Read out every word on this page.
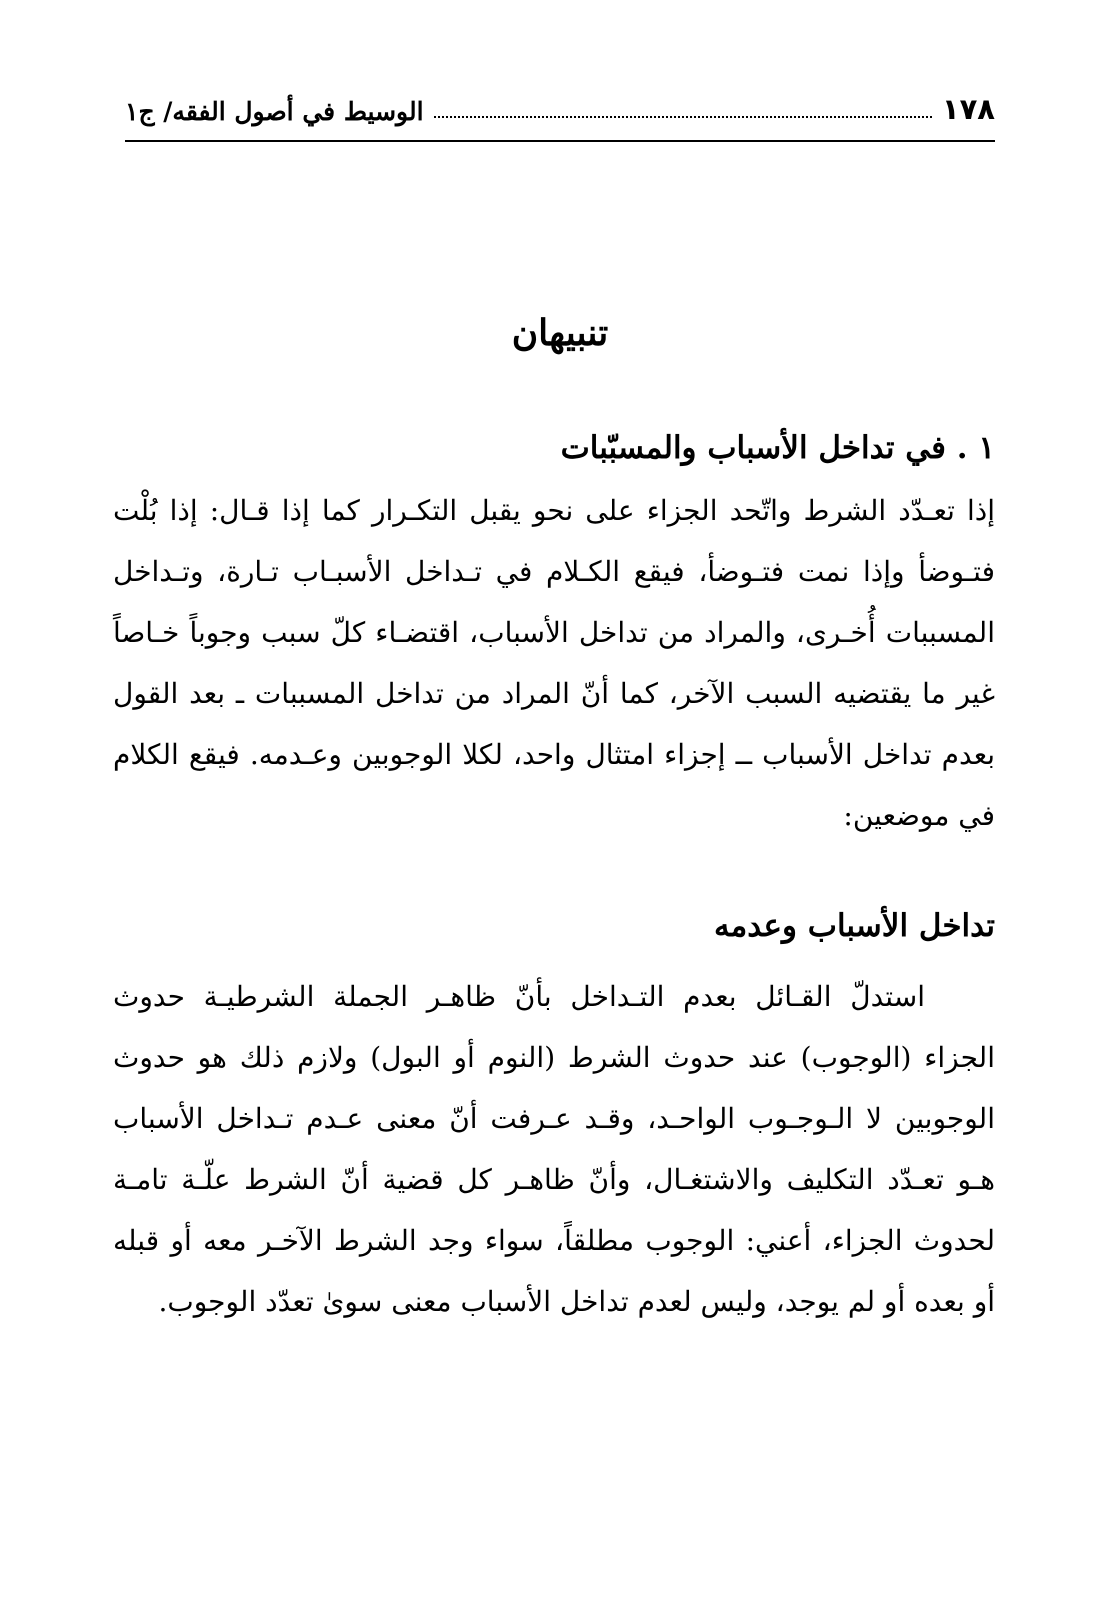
١٧٨
الوسيط في أصول الفقه/ ج١
تنبيهان
١ . في تداخل الأسباب والمسبّبات

إذا تعـدّد الشرط واتّحد الجزاء على نحو يقبل التكـرار كما إذا قـال: إذا بُلْت فتـوضأ وإذا نمت فتـوضأ، فيقع الكـلام في تـداخل الأسبـاب تـارة، وتـداخل المسببات أُخـرى، والمراد من تداخل الأسباب، اقتضـاء كلّ سبب وجوباً خـاصاً غير ما يقتضيه السبب الآخر، كما أنّ المراد من تداخل المسببات ـ بعد القول بعدم تداخل الأسباب ــ إجزاء امتثال واحد، لكلا الوجوبين وعـدمه. فيقع الكلام في موضعين:

تداخل الأسباب وعدمه

استدلّ القـائل بعدم التـداخل بأنّ ظاهـر الجملة الشرطيـة حدوث الجزاء (الوجوب) عند حدوث الشرط (النوم أو البول) ولازم ذلك هو حدوث الوجوبين لا الـوجـوب الواحـد، وقـد عـرفت أنّ معنى عـدم تـداخل الأسباب هـو تعـدّد التكليف والاشتغـال، وأنّ ظاهـر كل قضية أنّ الشرط علّـة تامـة لحدوث الجزاء، أعني: الوجوب مطلقاً، سواء وجد الشرط الآخـر معه أو قبله أو بعده أو لم يوجد، وليس لعدم تداخل الأسباب معنى سوىٰ تعدّد الوجوب.
